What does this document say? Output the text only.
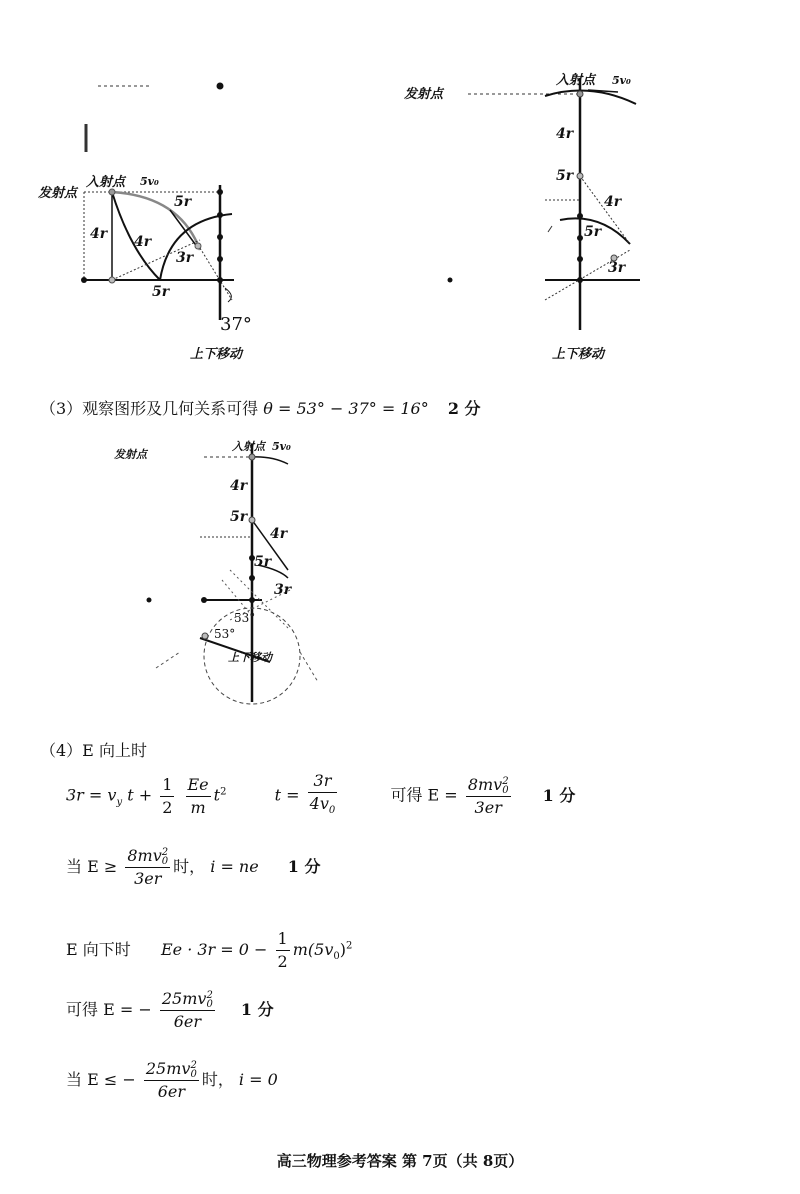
发射点
入射点 5v₀
5r
4r 4r
3r
5r
37°
上下移动
发射点
入射点 5v₀
4r
5r
4r
5r
3r
上下移动
（3）观察图形及几何关系可得 θ = 53° − 37° = 16° 2 分
发射点
入射点 5v₀
4r
5r
4r
5r
3r
53°
53°
上下移动
（4）E 向上时
$3r = v_y$ $t + \frac{1}{2}$
$\frac{Ee}{m} t^2$	$t = \frac{3r}{4v_0}$	可得 E = 8mv 2
0
3er 1 分
当 E ≥ 8mv 2
0
3er 时， i = ne 1 分
E 向下时 $Ee \cdot 3r = 0 - \frac{1}{2} m(5v_0)^2$
可得 E = − 25mv 2
0
6er 1 分
当 E ≤ − 25mv 2
0
6er 时， i = 0
高三物理参考答案 第 7页（共 8页）
